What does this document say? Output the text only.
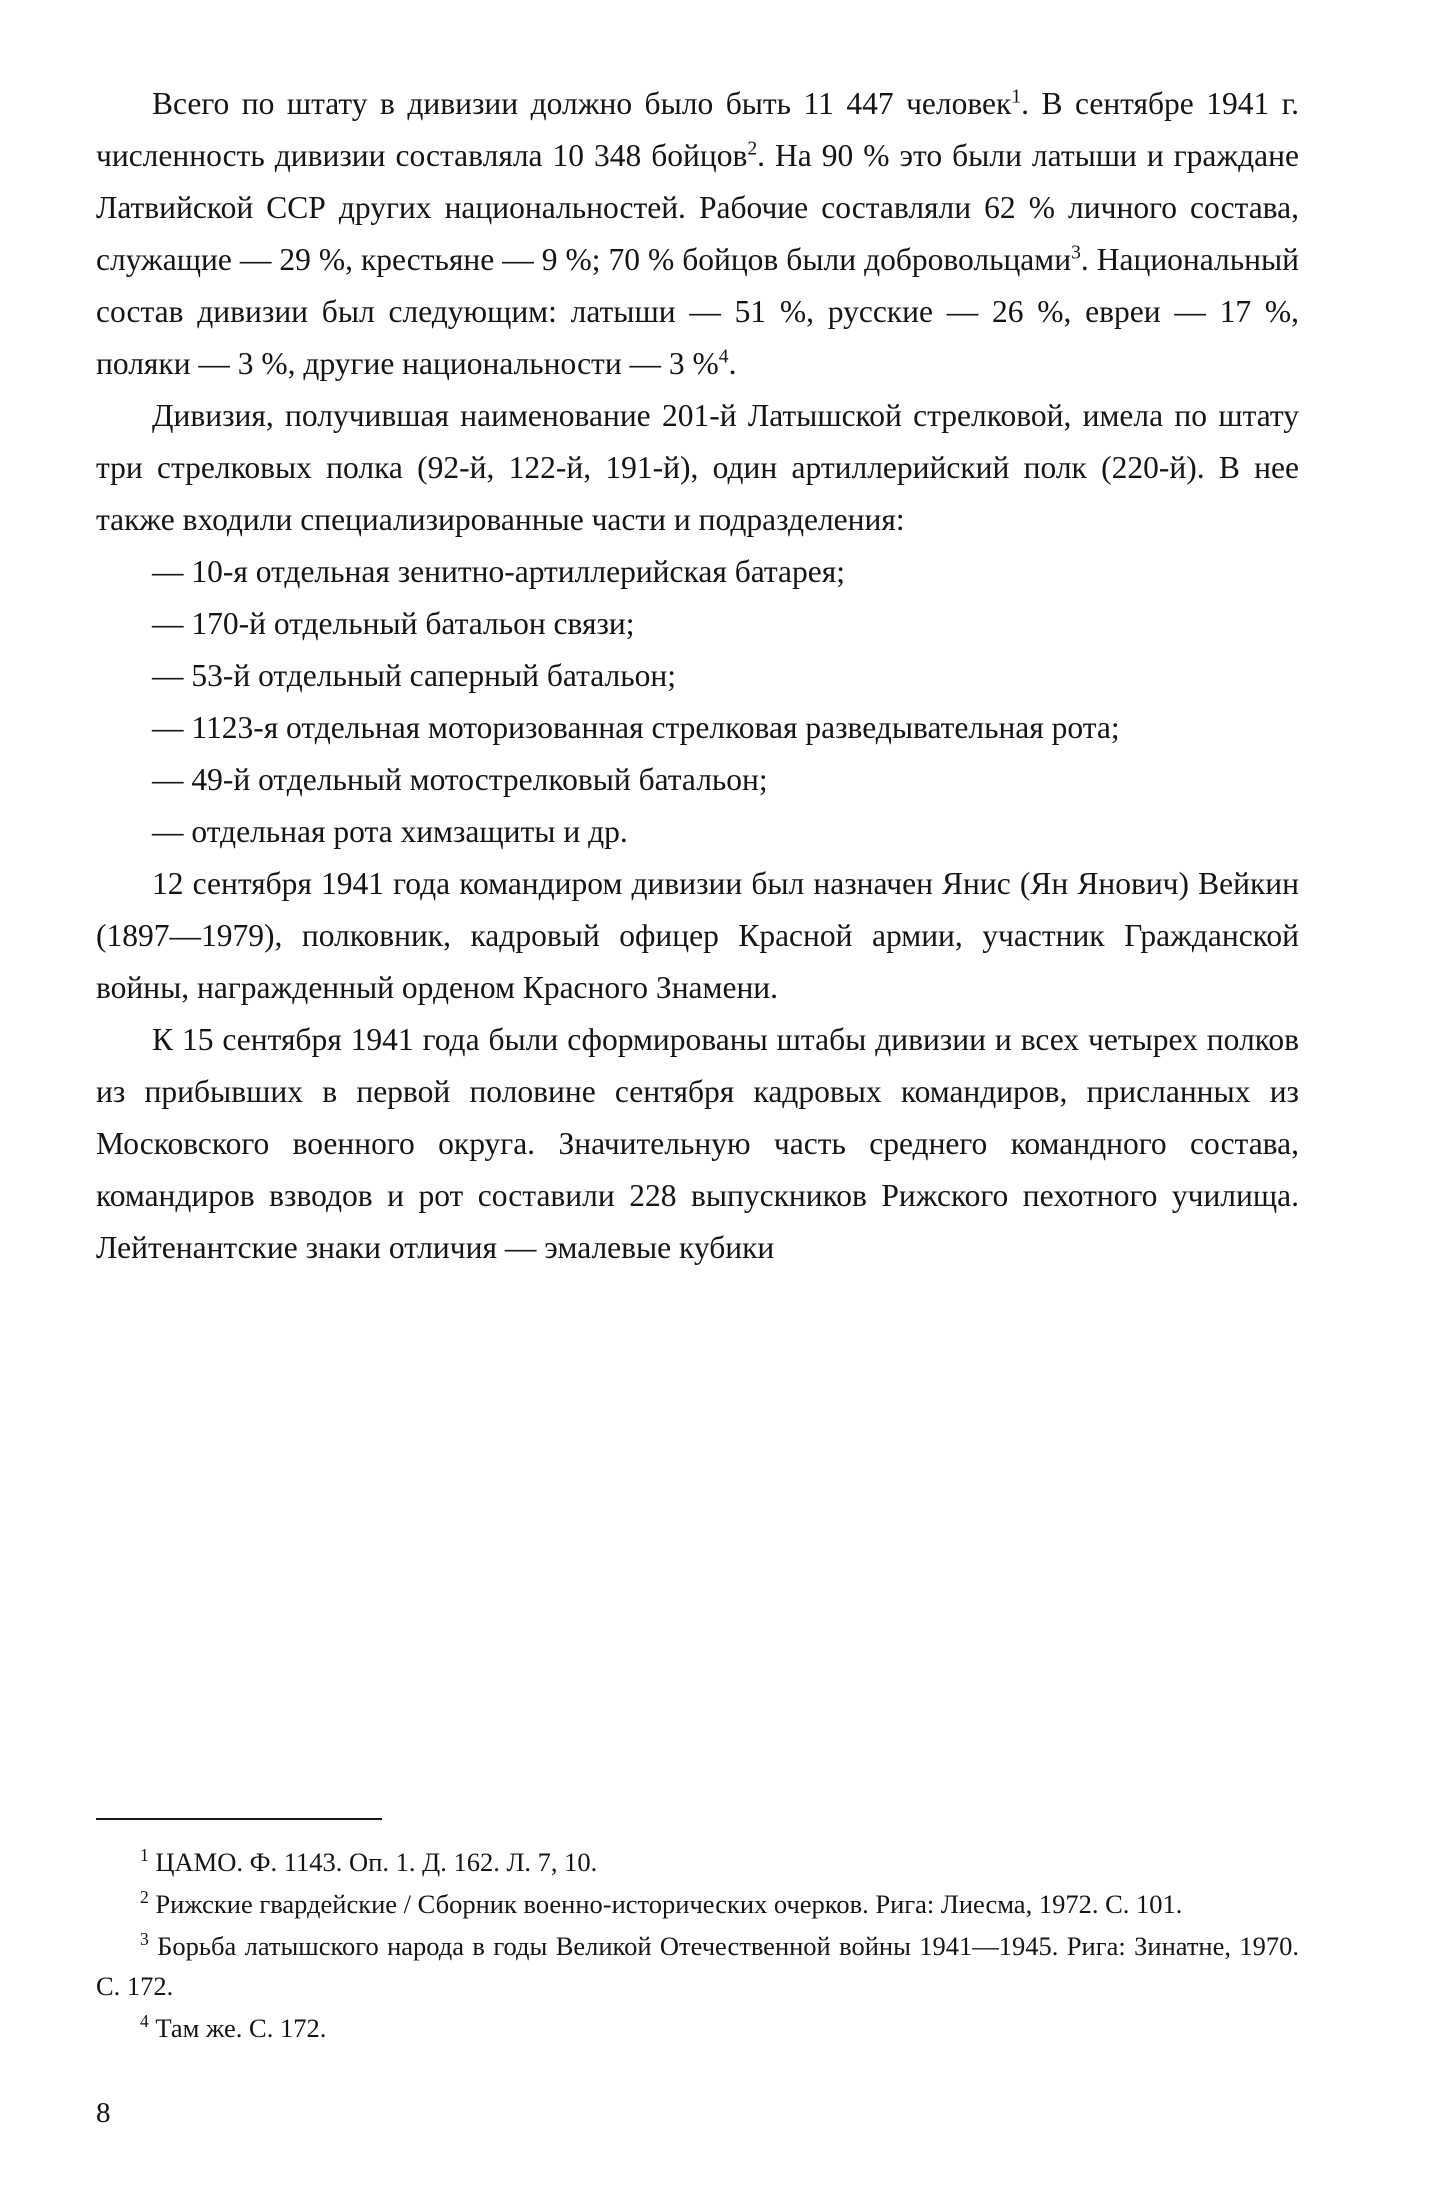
Всего по штату в дивизии должно было быть 11 447 человек$^1$. В сентябре 1941 г. численность дивизии составляла 10 348 бойцов$^2$. На 90 % это были латыши и граждане Латвийской ССР других национальностей. Рабочие составляли 62 % личного состава, служащие — 29 %, крестьяне — 9 %; 70 % бойцов были добровольцами$^3$. Национальный состав дивизии был следующим: латыши — 51 %, русские — 26 %, евреи — 17 %, поляки — 3 %, другие национальности — 3 %$^4$.

Дивизия, получившая наименование 201-й Латышской стрелковой, имела по штату три стрелковых полка (92-й, 122-й, 191-й), один артиллерийский полк (220-й). В нее также входили специализированные части и подразделения:

— 10-я отдельная зенитно-артиллерийская батарея;

— 170-й отдельный батальон связи;

— 53-й отдельный саперный батальон;

— 1123-я отдельная моторизованная стрелковая разведывательная рота;

— 49-й отдельный мотострелковый батальон;

— отдельная рота химзащиты и др.

12 сентября 1941 года командиром дивизии был назначен Янис (Ян Янович) Вейкин (1897—1979), полковник, кадровый офицер Красной армии, участник Гражданской войны, награжденный орденом Красного Знамени.

К 15 сентября 1941 года были сформированы штабы дивизии и всех четырех полков из прибывших в первой половине сентября кадровых командиров, присланных из Московского военного округа. Значительную часть среднего командного состава, командиров взводов и рот составили 228 выпускников Рижского пехотного училища. Лейтенантские знаки отличия — эмалевые кубики

$^1$ ЦАМО. Ф. 1143. Оп. 1. Д. 162. Л. 7, 10.

$^2$ Рижские гвардейские / Сборник военно-исторических очерков. Рига: Лиесма, 1972. С. 101.

$^3$ Борьба латышского народа в годы Великой Отечественной войны 1941—1945. Рига: Зинатне, 1970. С. 172.

$^4$ Там же. С. 172.

8
